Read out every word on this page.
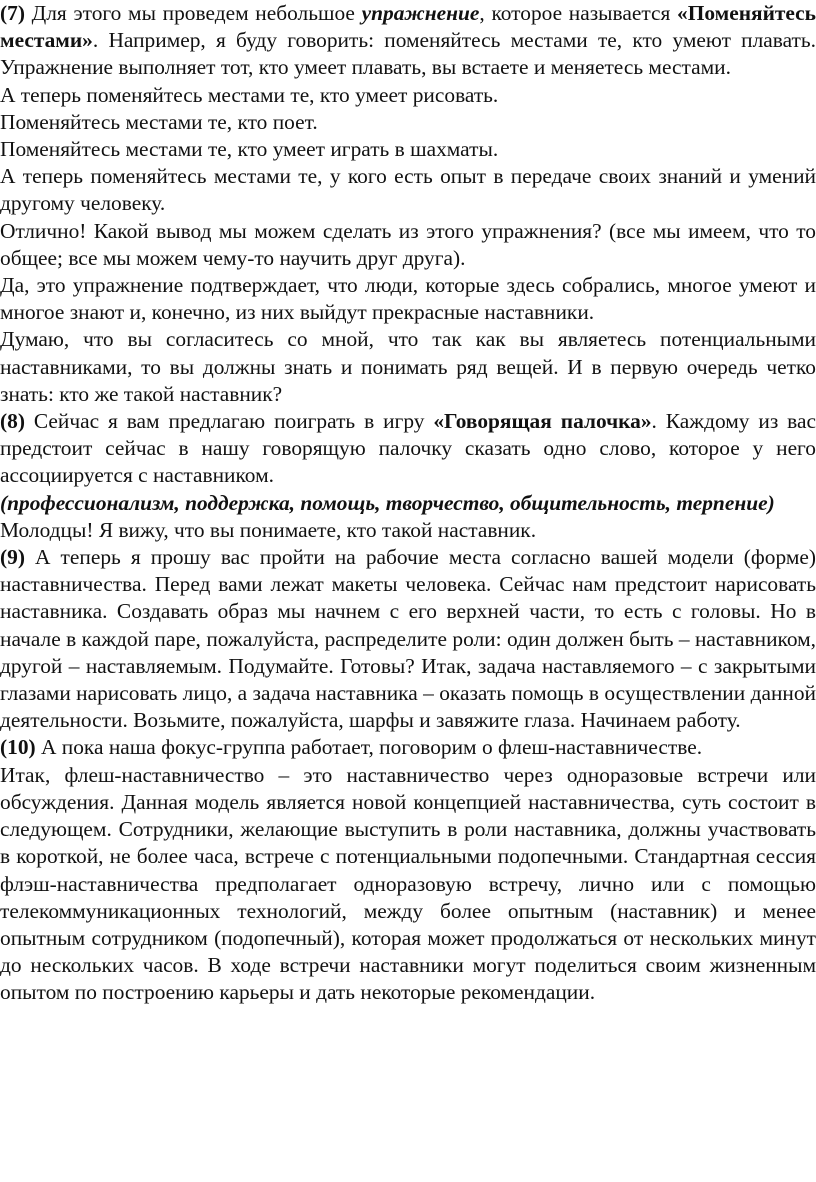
(7) Для этого мы проведем небольшое упражнение, которое называется «Поменяйтесь местами». Например, я буду говорить: поменяйтесь местами те, кто умеют плавать. Упражнение выполняет тот, кто умеет плавать, вы встаете и меняетесь местами.

А теперь поменяйтесь местами те, кто умеет рисовать.

Поменяйтесь местами те, кто поет.

Поменяйтесь местами те, кто умеет играть в шахматы.

А теперь поменяйтесь местами те, у кого есть опыт в передаче своих знаний и умений другому человеку.

Отлично! Какой вывод мы можем сделать из этого упражнения? (все мы имеем, что то общее; все мы можем чему-то научить друг друга).

Да, это упражнение подтверждает, что люди, которые здесь собрались, многое умеют и многое знают и, конечно, из них выйдут прекрасные наставники.

Думаю, что вы согласитесь со мной, что так как вы являетесь потенциальными наставниками, то вы должны знать и понимать ряд вещей. И в первую очередь четко знать: кто же такой наставник?

(8) Сейчас я вам предлагаю поиграть в игру «Говорящая палочка». Каждому из вас предстоит сейчас в нашу говорящую палочку сказать одно слово, которое у него ассоциируется с наставником.

(профессионализм, поддержка, помощь, творчество, общительность, терпение)

Молодцы! Я вижу, что вы понимаете, кто такой наставник.

(9) А теперь я прошу вас пройти на рабочие места согласно вашей модели (форме) наставничества. Перед вами лежат макеты человека. Сейчас нам предстоит нарисовать наставника. Создавать образ мы начнем с его верхней части, то есть с головы. Но в начале в каждой паре, пожалуйста, распределите роли: один должен быть – наставником, другой – наставляемым. Подумайте. Готовы? Итак, задача наставляемого – с закрытыми глазами нарисовать лицо, а задача наставника – оказать помощь в осуществлении данной деятельности. Возьмите, пожалуйста, шарфы и завяжите глаза. Начинаем работу.

(10) А пока наша фокус-группа работает, поговорим о флеш-наставничестве.

Итак, флеш-наставничество – это наставничество через одноразовые встречи или обсуждения. Данная модель является новой концепцией наставничества, суть состоит в следующем. Сотрудники, желающие выступить в роли наставника, должны участвовать в короткой, не более часа, встрече с потенциальными подопечными. Стандартная сессия флэш-наставничества предполагает одноразовую встречу, лично или с помощью телекоммуникационных технологий, между более опытным (наставник) и менее опытным сотрудником (подопечный), которая может продолжаться от нескольких минут до нескольких часов. В ходе встречи наставники могут поделиться своим жизненным опытом по построению карьеры и дать некоторые рекомендации.
